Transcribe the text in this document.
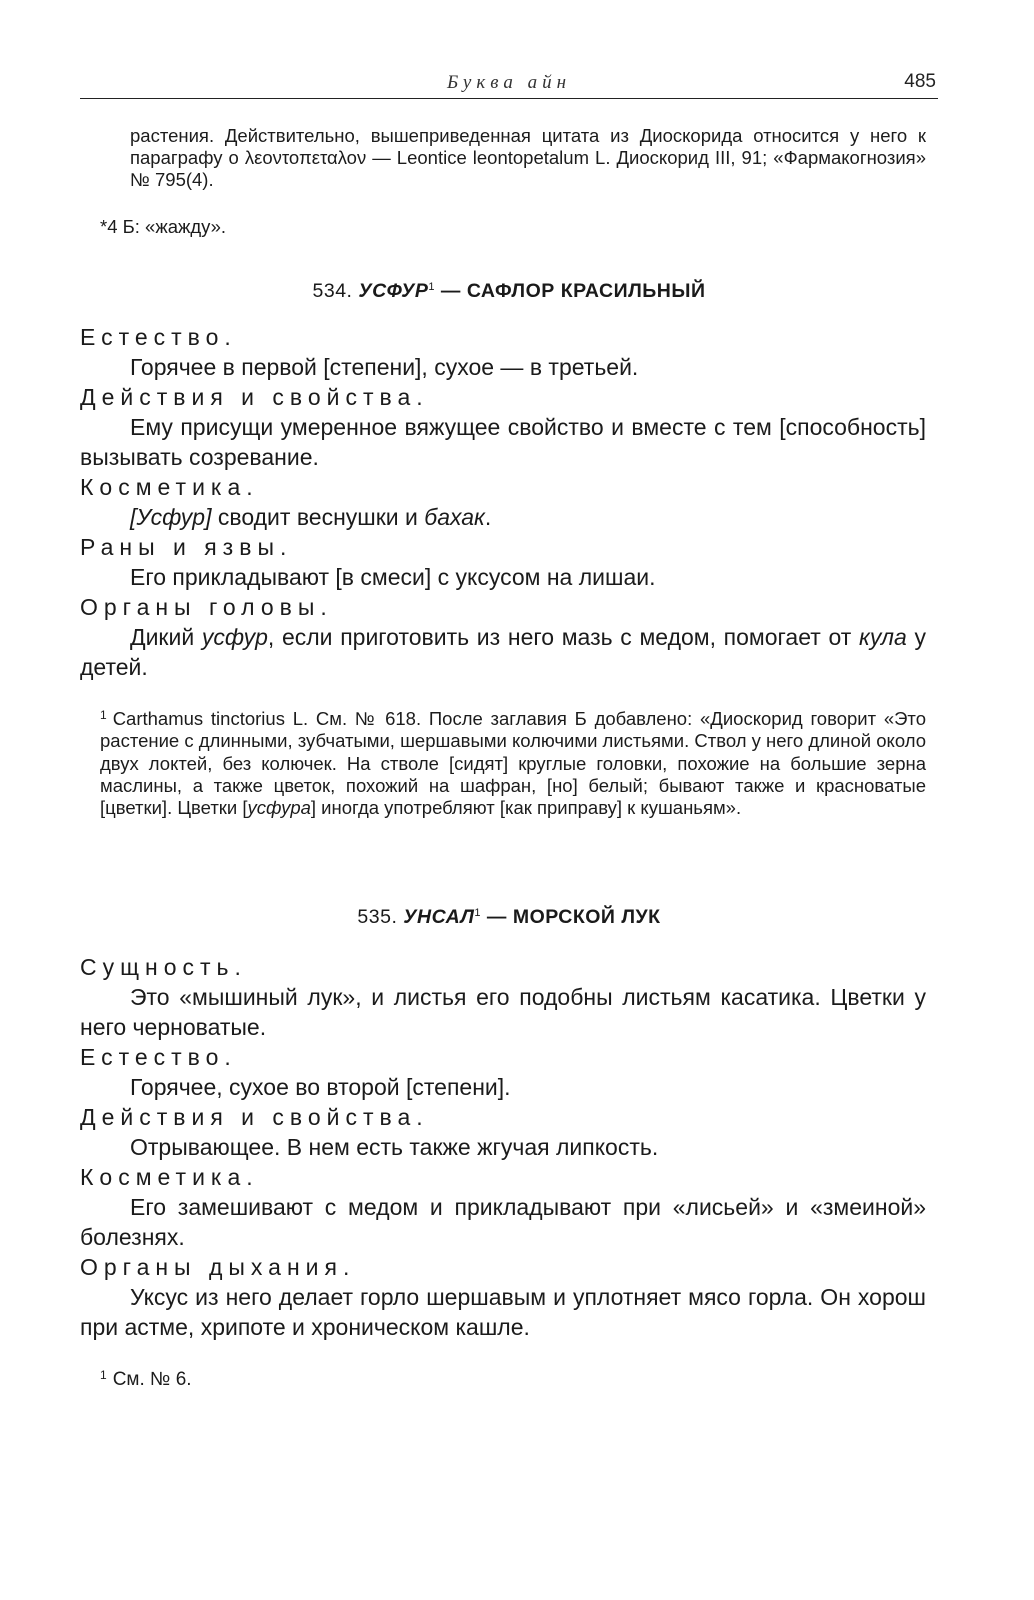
Буква айн	485

растения. Действительно, вышеприведенная цитата из Диоскорида относится у него к параграфу о λεοντοπεταλον — Leontice leontopetalum L. Диоскорид III, 91; «Фармакогнозия» № 795(4).

*4 Б: «жажду».

534. УСФУР$^1$ — САФЛОР КРАСИЛЬНЫЙ

Естество.

Горячее в первой [степени], сухое — в третьей.

Действия и свойства.

Ему присущи умеренное вяжущее свойство и вместе с тем [способность] вызывать созревание.

Косметика.

[Усфур] сводит веснушки и бахак.

Раны и язвы.

Его прикладывают [в смеси] с уксусом на лишаи.

Органы головы.

Дикий усфур, если приготовить из него мазь с медом, помогает от кула у детей.

$^1$ Carthamus tinctorius L. См. № 618. После заглавия Б добавлено: «Диоскорид говорит «Это растение с длинными, зубчатыми, шершавыми колючими листьями. Ствол у него длиной около двух локтей, без колючек. На стволе [сидят] круглые головки, похожие на большие зерна маслины, а также цветок, похожий на шафран, [но] белый; бывают также и красноватые [цветки]. Цветки [усфура] иногда употребляют [как приправу] к кушаньям».

535. УНСАЛ$^1$ — МОРСКОЙ ЛУК

Сущность.

Это «мышиный лук», и листья его подобны листьям касатика. Цветки у него черноватые.

Естество.

Горячее, сухое во второй [степени].

Действия и свойства.

Отрывающее. В нем есть также жгучая липкость.

Косметика.

Его замешивают с медом и прикладывают при «лисьей» и «змеиной» болезнях.

Органы дыхания.

Уксус из него делает горло шершавым и уплотняет мясо горла. Он хорош при астме, хрипоте и хроническом кашле.

$^1$ См. № 6.
